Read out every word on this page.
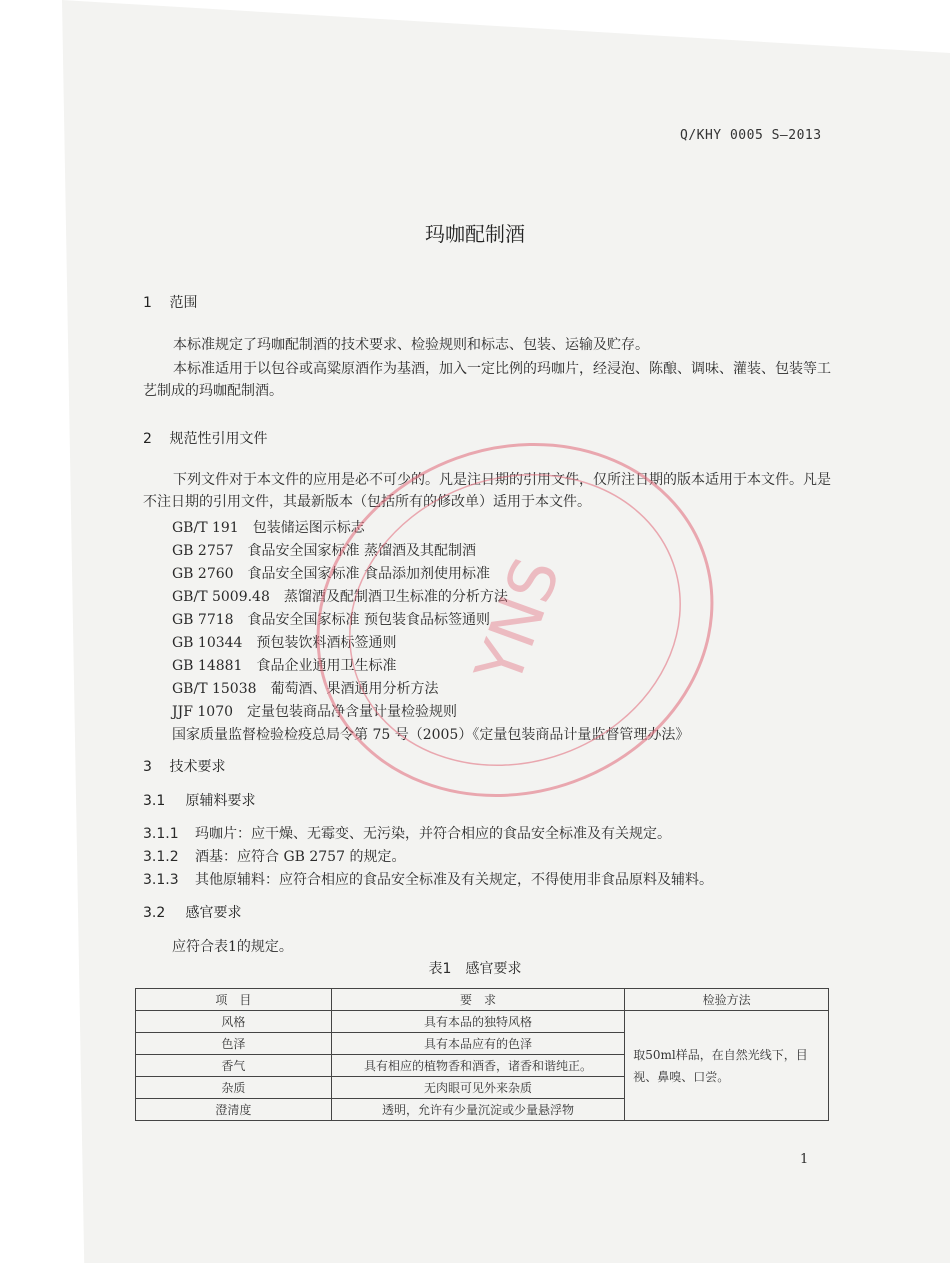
Q/KHY 0005 S—2013
玛咖配制酒
1 范围
本标准规定了玛咖配制酒的技术要求、检验规则和标志、包装、运输及贮存。
本标准适用于以包谷或高粱原酒作为基酒，加入一定比例的玛咖片，经浸泡、陈酿、调味、灌装、包装等工艺制成的玛咖配制酒。
2 规范性引用文件
下列文件对于本文件的应用是必不可少的。凡是注日期的引用文件，仅所注日期的版本适用于本文件。凡是不注日期的引用文件，其最新版本（包括所有的修改单）适用于本文件。
GB/T 191　包装储运图示标志
GB 2757　食品安全国家标准 蒸馏酒及其配制酒
GB 2760　食品安全国家标准 食品添加剂使用标准
GB/T 5009.48　蒸馏酒及配制酒卫生标准的分析方法
GB 7718　食品安全国家标准 预包装食品标签通则
GB 10344　预包装饮料酒标签通则
GB 14881　食品企业通用卫生标准
GB/T 15038　葡萄酒、果酒通用分析方法
JJF 1070　定量包装商品净含量计量检验规则
国家质量监督检验检疫总局令第 75 号（2005）《定量包装商品计量监督管理办法》
3 技术要求
3.1 原辅料要求
3.1.1 玛咖片：应干燥、无霉变、无污染，并符合相应的食品安全标准及有关规定。
3.1.2 酒基：应符合 GB 2757 的规定。
3.1.3 其他原辅料：应符合相应的食品安全标准及有关规定，不得使用非食品原料及辅料。
3.2 感官要求
应符合表1的规定。
表1　感官要求
项　目	要　求	检验方法
风格	具有本品的独特风格	取50ml样品，在自然光线下，目视、鼻嗅、口尝。
色泽	具有本品应有的色泽	
香气	具有相应的植物香和酒香，诸香和谐纯正。	
杂质	无肉眼可见外来杂质	
澄清度	透明，允许有少量沉淀或少量悬浮物	
YNS
1
